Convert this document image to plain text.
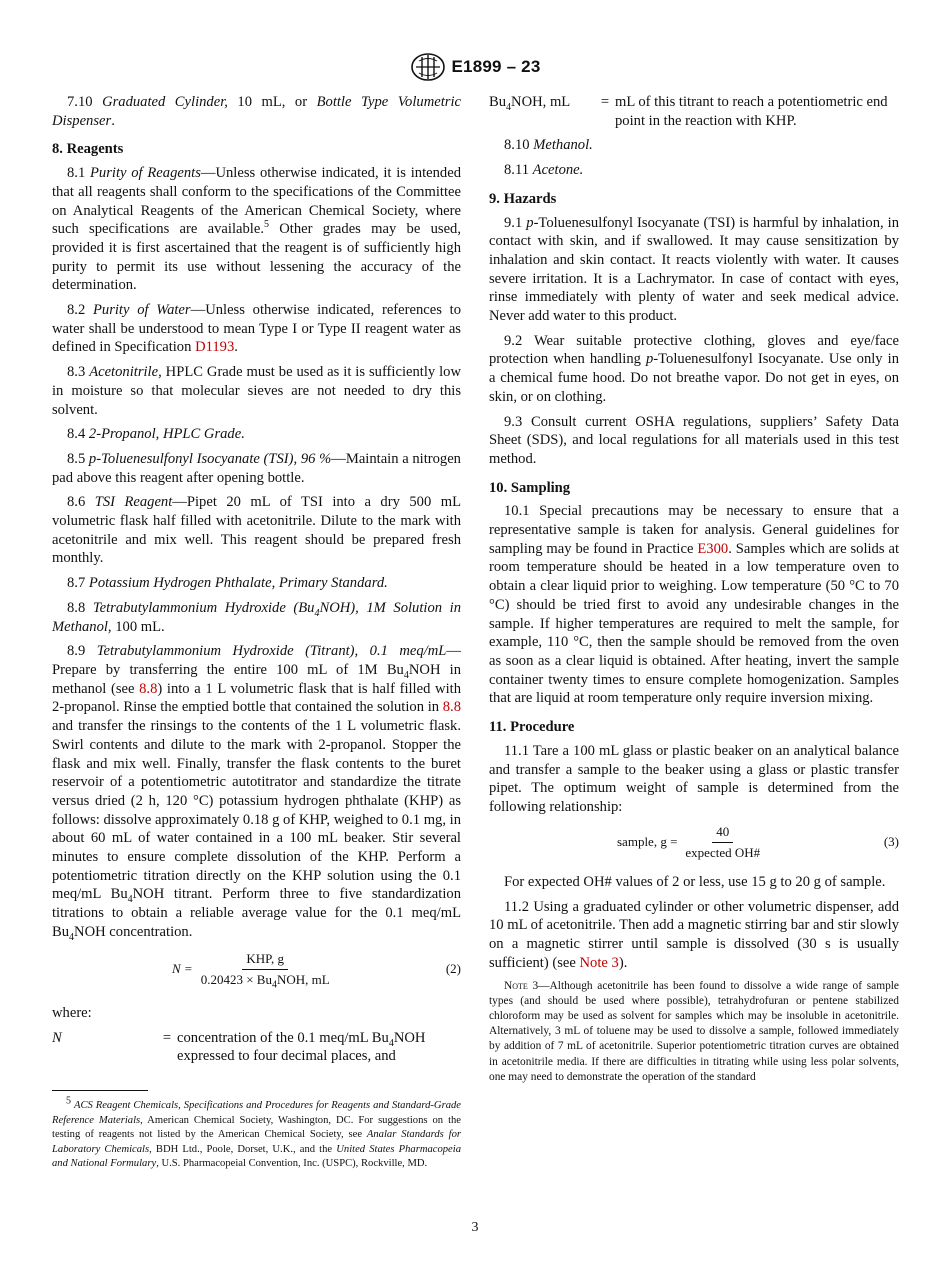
E1899 – 23

7.10 Graduated Cylinder, 10 mL, or Bottle Type Volumetric Dispenser.

8. Reagents

8.1 Purity of Reagents—Unless otherwise indicated, it is intended that all reagents shall conform to the specifications of the Committee on Analytical Reagents of the American Chemical Society, where such specifications are available.$^5$ Other grades may be used, provided it is first ascertained that the reagent is of sufficiently high purity to permit its use without lessening the accuracy of the determination.

8.2 Purity of Water—Unless otherwise indicated, references to water shall be understood to mean Type I or Type II reagent water as defined in Specification D1193.

8.3 Acetonitrile, HPLC Grade must be used as it is sufficiently low in moisture so that molecular sieves are not needed to dry this solvent.

8.4 2-Propanol, HPLC Grade.

8.5 p-Toluenesulfonyl Isocyanate (TSI), 96 %—Maintain a nitrogen pad above this reagent after opening bottle.

8.6 TSI Reagent—Pipet 20 mL of TSI into a dry 500 mL volumetric flask half filled with acetonitrile. Dilute to the mark with acetonitrile and mix well. This reagent should be prepared fresh monthly.

8.7 Potassium Hydrogen Phthalate, Primary Standard.

8.8 Tetrabutylammonium Hydroxide $(Bu_4NOH)$, 1M Solution in Methanol, 100 mL.

8.9 Tetrabutylammonium Hydroxide (Titrant), 0.1 meq/mL—Prepare by transferring the entire 100 mL of 1M $Bu_4NOH$ in methanol (see 8.8) into a 1 L volumetric flask that is half filled with 2-propanol. Rinse the emptied bottle that contained the solution in 8.8 and transfer the rinsings to the contents of the 1 L volumetric flask. Swirl contents and dilute to the mark with 2-propanol. Stopper the flask and mix well. Finally, transfer the flask contents to the buret reservoir of a potentiometric autotitrator and standardize the titrate versus dried (2 h, 120 °C) potassium hydrogen phthalate (KHP) as follows: dissolve approximately 0.18 g of KHP, weighed to 0.1 mg, in about 60 mL of water contained in a 100 mL beaker. Stir several minutes to ensure complete dissolution of the KHP. Perform a potentiometric titration directly on the KHP solution using the 0.1 meq/mL $Bu_4NOH$ titrant. Perform three to five standardization titrations to obtain a reliable average value for the 0.1 meq/mL $Bu_4NOH$ concentration.

$N = \frac{\text{KHP, g}}{0.20423 \times Bu_4NOH, mL}$	(2)

where:

N	= concentration of the 0.1 meq/mL $Bu_4NOH$ expressed to four decimal places, and
$^5$ ACS Reagent Chemicals, Specifications and Procedures for Reagents and Standard-Grade Reference Materials, American Chemical Society, Washington, DC. For suggestions on the testing of reagents not listed by the American Chemical Society, see Analar Standards for Laboratory Chemicals, BDH Ltd., Poole, Dorset, U.K., and the United States Pharmacopeia and National Formulary, U.S. Pharmacopeial Convention, Inc. (USPC), Rockville, MD.
$Bu_4NOH$, mL	= mL of this titrant to reach a potentiometric end point in the reaction with KHP.

8.10 Methanol.

8.11 Acetone.

9. Hazards

9.1 p-Toluenesulfonyl Isocyanate (TSI) is harmful by inhalation, in contact with skin, and if swallowed. It may cause sensitization by inhalation and skin contact. It reacts violently with water. It causes severe irritation. It is a Lachrymator. In case of contact with eyes, rinse immediately with plenty of water and seek medical advice. Never add water to this product.

9.2 Wear suitable protective clothing, gloves and eye/face protection when handling p-Toluenesulfonyl Isocyanate. Use only in a chemical fume hood. Do not breathe vapor. Do not get in eyes, on skin, or on clothing.

9.3 Consult current OSHA regulations, suppliers’ Safety Data Sheet (SDS), and local regulations for all materials used in this test method.

10. Sampling

10.1 Special precautions may be necessary to ensure that a representative sample is taken for analysis. General guidelines for sampling may be found in Practice E300. Samples which are solids at room temperature should be heated in a low temperature oven to obtain a clear liquid prior to weighing. Low temperature (50 °C to 70 °C) should be tried first to avoid any undesirable changes in the sample. If higher temperatures are required to melt the sample, for example, 110 °C, then the sample should be removed from the oven as soon as a clear liquid is obtained. After heating, invert the sample container twenty times to ensure complete homogenization. Samples that are liquid at room temperature only require inversion mixing.

11. Procedure

11.1 Tare a 100 mL glass or plastic beaker on an analytical balance and transfer a sample to the beaker using a glass or plastic transfer pipet. The optimum weight of sample is determined from the following relationship:

sample, $g = \frac{40}{\text{expected OH\#}}$	(3)

For expected OH# values of 2 or less, use 15 g to 20 g of sample.

11.2 Using a graduated cylinder or other volumetric dispenser, add 10 mL of acetonitrile. Then add a magnetic stirring bar and stir slowly on a magnetic stirrer until sample is dissolved (30 s is usually sufficient) (see Note 3).

Note 3—Although acetonitrile has been found to dissolve a wide range of sample types (and should be used where possible), tetrahydrofuran or pentene stabilized chloroform may be used as solvent for samples which may be insoluble in acetonitrile. Alternatively, 3 mL of toluene may be used to dissolve a sample, followed immediately by addition of 7 mL of acetonitrile. Superior potentiometric titration curves are obtained in acetonitrile media. If there are difficulties in titrating while using less polar solvents, one may need to demonstrate the operation of the standard
3
